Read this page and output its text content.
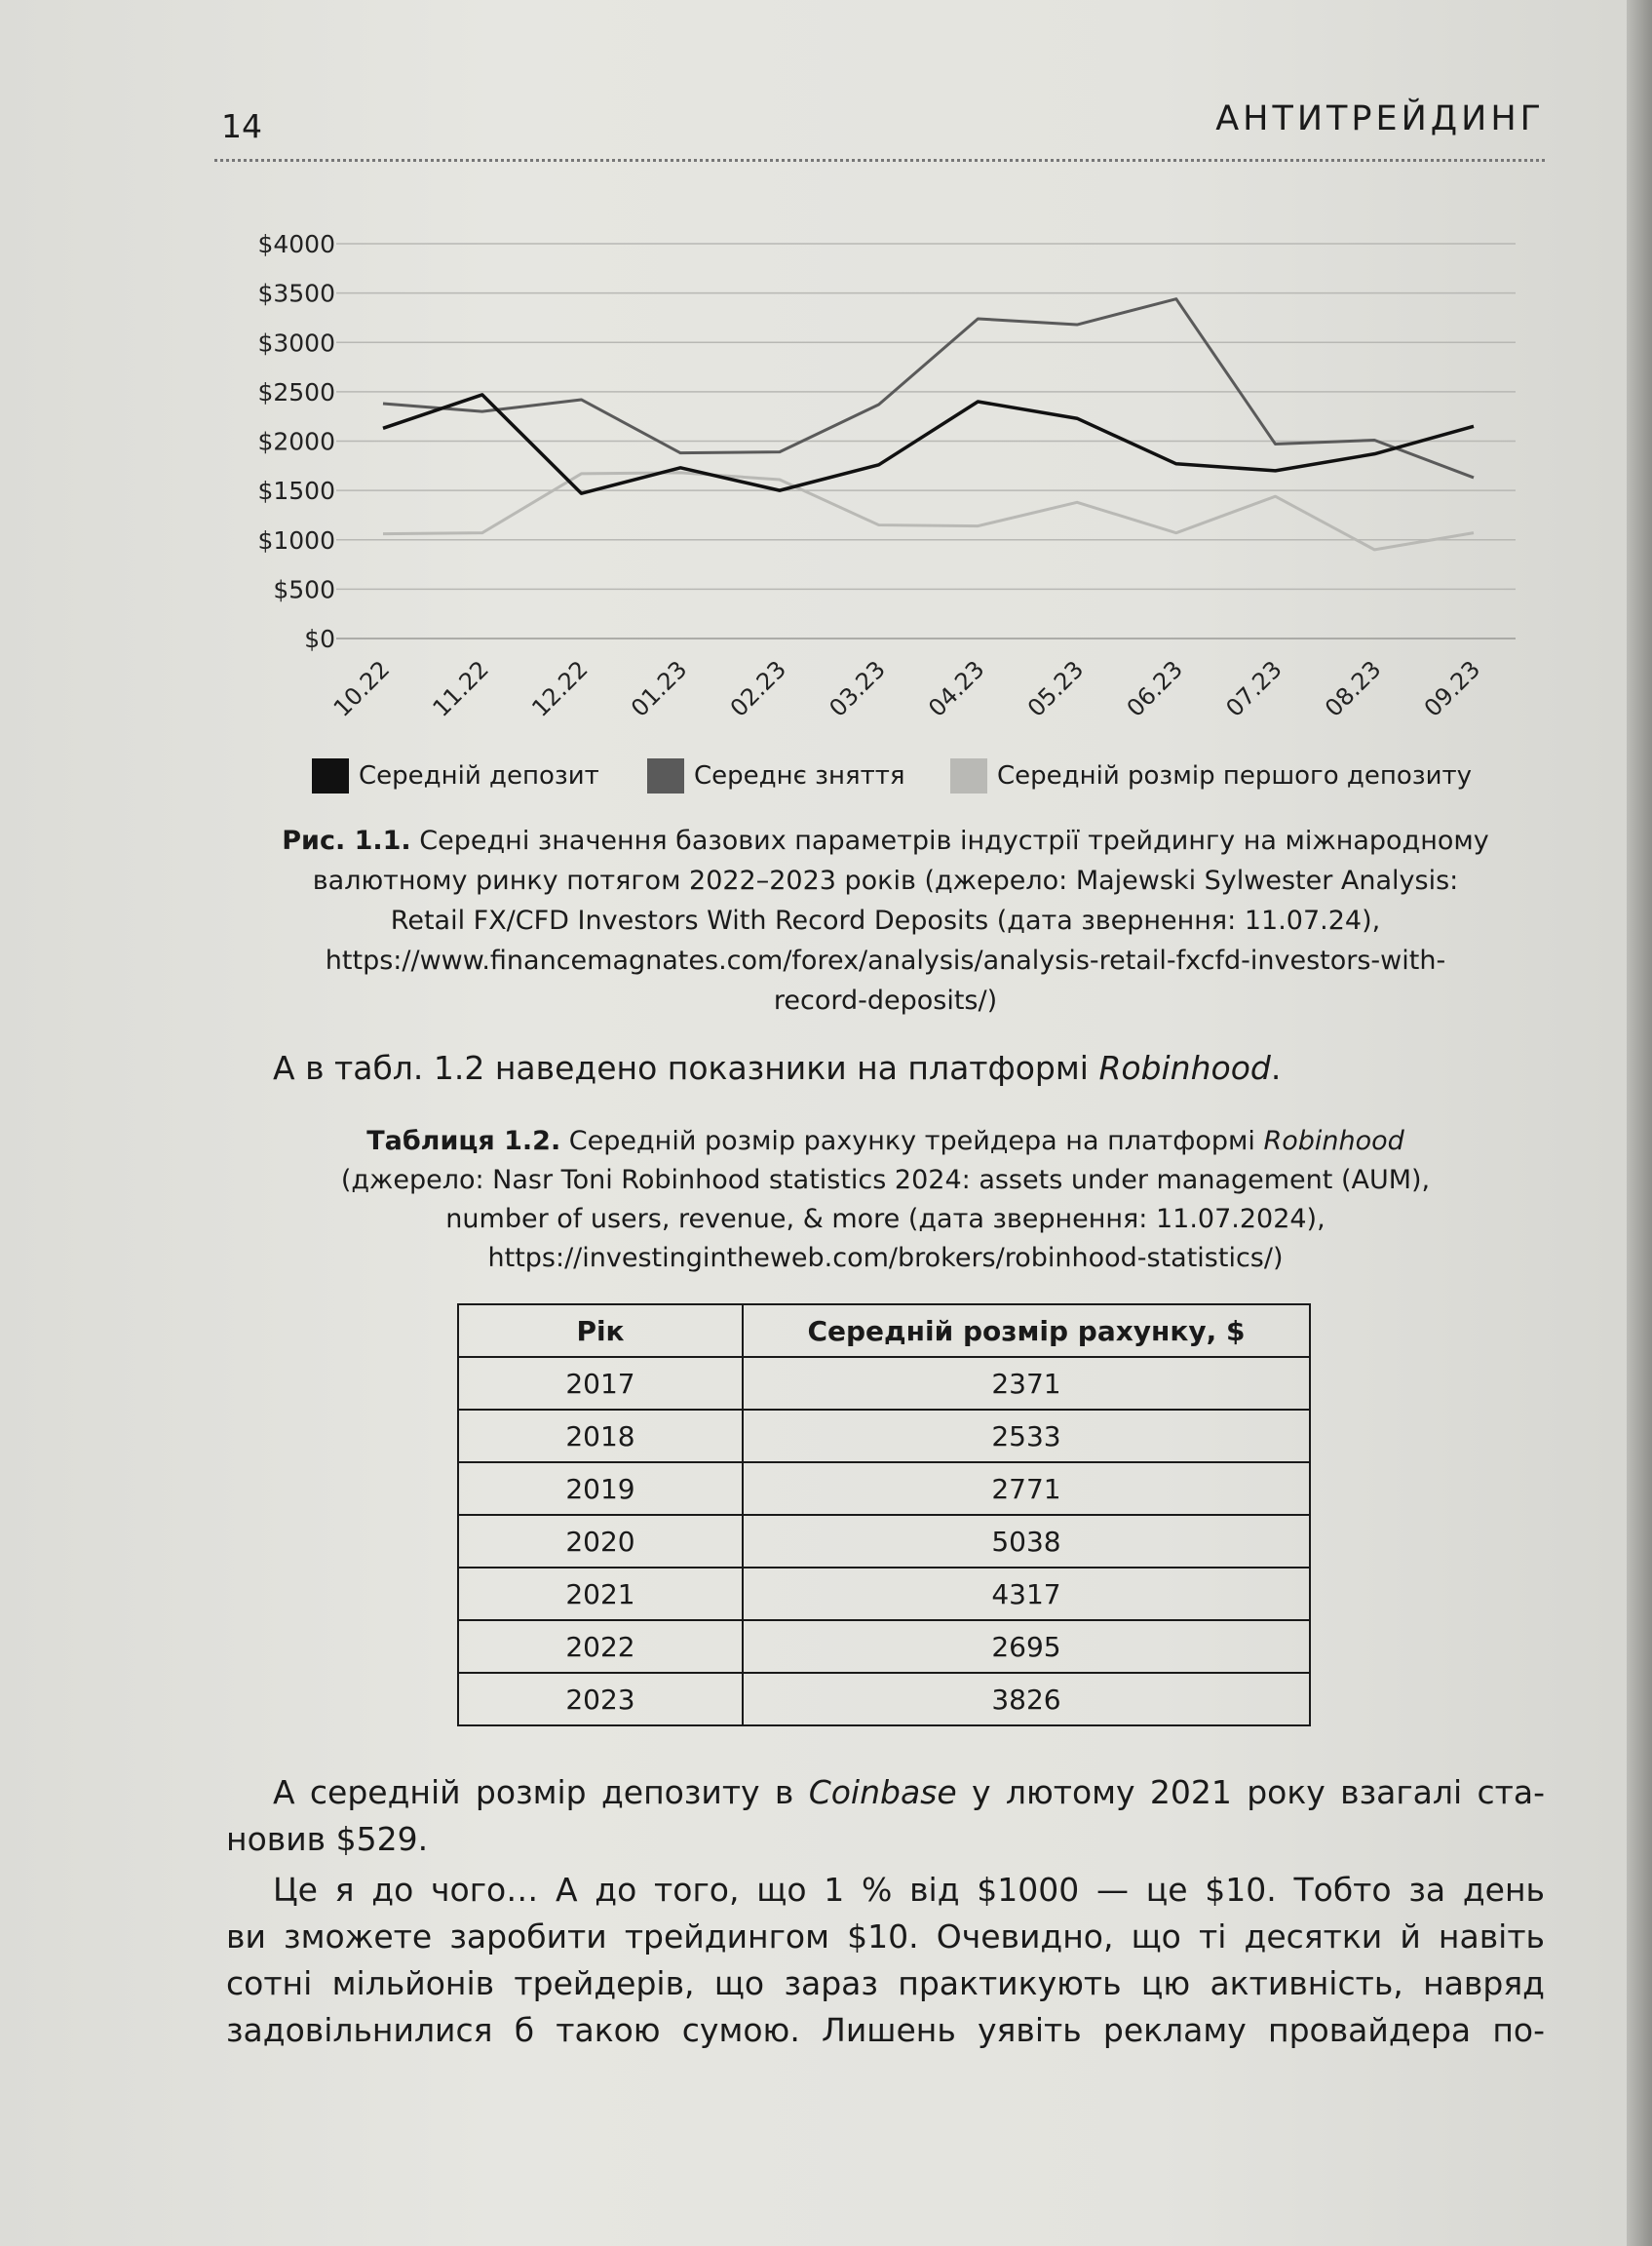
14	АНТИТРЕЙДИНГ
$0
$500
$1000
$1500
$2000
$2500
$3000
$3500
$4000
10.22 11.22 12.22 01.23 02.23 03.23 04.23 05.23 06.23 07.23 08.23 09.23
Середній депозит	Середнє зняття	Середній розмір першого депозиту
Рис. 1.1. Середні значення базових параметрів індустрії трейдингу на міжнародному
валютному ринку потягом 2022–2023 років (джерело: Majewski Sylwester Analysis:
Retail FX/CFD Investors With Record Deposits (дата звернення: 11.07.24),
https://www.financemagnates.com/forex/analysis/analysis-retail-fxcfd-investors-with-
record-deposits/)
А в табл. 1.2 наведено показники на платформі Robinhood.
Таблиця 1.2. Середній розмір рахунку трейдера на платформі Robinhood
(джерело: Nasr Toni Robinhood statistics 2024: assets under management (AUM),
number of users, revenue, & more (дата звернення: 11.07.2024),
https://investingintheweb.com/brokers/robinhood-statistics/)
Рік	Середній розмір рахунку, $
2017	2371
2018	2533
2019	2771
2020	5038
2021	4317
2022	2695
2023	3826
А середній розмір депозиту в Coinbase у лютому 2021 року взагалі ста-
новив $529.
Це я до чого… А до того, що 1 % від $1000 — це $10. Тобто за день
ви зможете заробити трейдингом $10. Очевидно, що ті десятки й навіть
сотні мільйонів трейдерів, що зараз практикують цю активність, навряд
задовільнилися б такою сумою. Лишень уявіть рекламу провайдера по-
